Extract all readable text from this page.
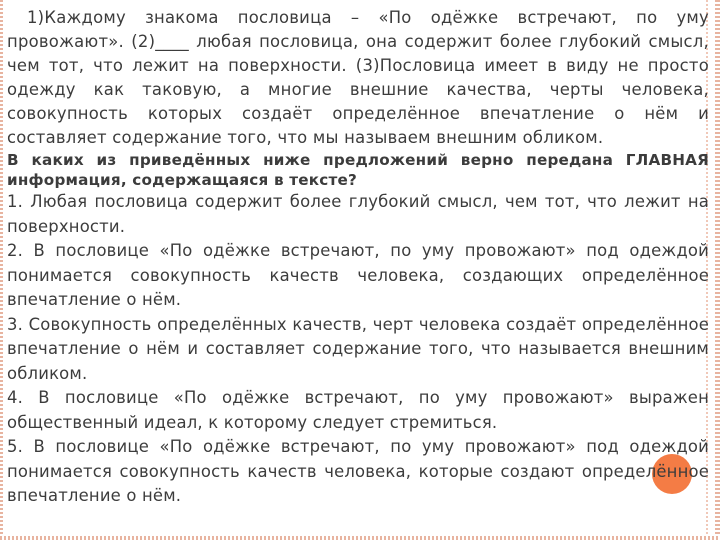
1)Каждому знакома пословица – «По одёжке встречают, по уму провожают». (2)____ любая пословица, она содержит более глубокий смысл, чем тот, что лежит на поверхности. (3)Пословица имеет в виду не просто одежду как таковую, а многие внешние качества, черты человека, совокупность которых создаёт определённое впечатление о нём и составляет содержание того, что мы называем внешним обликом.

В каких из приведённых ниже предложений верно передана ГЛАВНАЯ информация, содержащаяся в тексте?

1. Любая пословица содержит более глубокий смысл, чем тот, что лежит на поверхности.

2. В пословице «По одёжке встречают, по уму провожают» под одеждой понимается совокупность качеств человека, создающих определённое впечатление о нём.

3. Совокупность определённых качеств, черт человека создаёт определённое впечатление о нём и составляет содержание того, что называется внешним обликом.

4. В пословице «По одёжке встречают, по уму провожают» выражен общественный идеал, к которому следует стремиться.

5. В пословице «По одёжке встречают, по уму провожают» под одеждой понимается совокупность качеств человека, которые создают определённое впечатление о нём.
